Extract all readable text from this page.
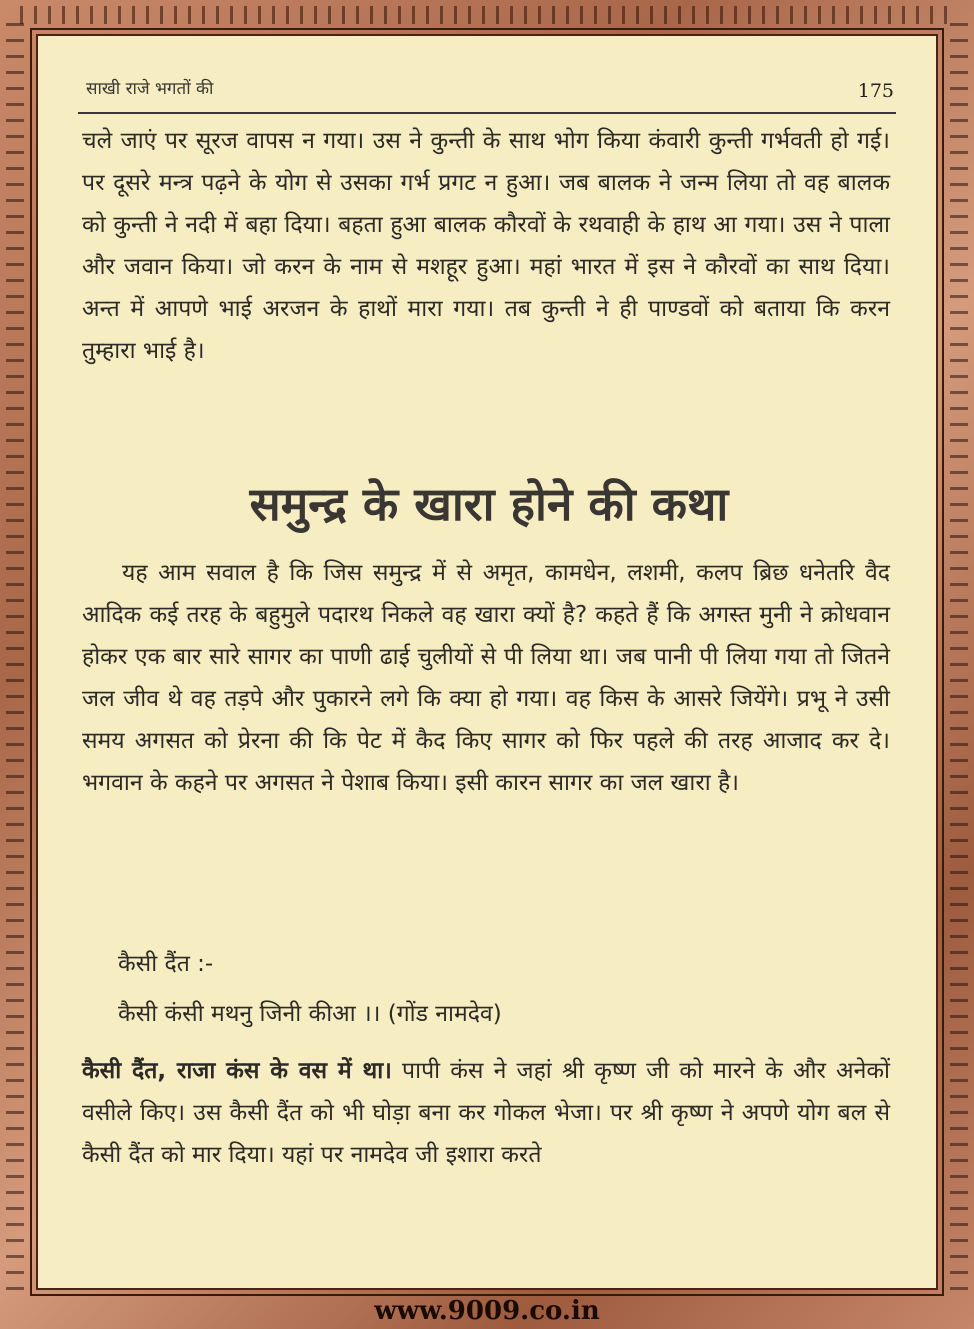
साखी राजे भगतों की	175

चले जाएं पर सूरज वापस न गया। उस ने कुन्ती के साथ भोग किया कंवारी कुन्ती गर्भवती हो गई। पर दूसरे मन्त्र पढ़ने के योग से उसका गर्भ प्रगट न हुआ। जब बालक ने जन्म लिया तो वह बालक को कुन्ती ने नदी में बहा दिया। बहता हुआ बालक कौरवों के रथवाही के हाथ आ गया। उस ने पाला और जवान किया। जो करन के नाम से मशहूर हुआ। महां भारत में इस ने कौरवों का साथ दिया। अन्त में आपणे भाई अरजन के हाथों मारा गया। तब कुन्ती ने ही पाण्डवों को बताया कि करन तुम्हारा भाई है।

समुन्द्र के खारा होने की कथा

यह आम सवाल है कि जिस समुन्द्र में से अमृत, कामधेन, लशमी, कलप ब्रिछ धनेतरि वैद आदिक कई तरह के बहुमुले पदारथ निकले वह खारा क्यों है? कहते हैं कि अगस्त मुनी ने क्रोधवान होकर एक बार सारे सागर का पाणी ढाई चुलीयों से पी लिया था। जब पानी पी लिया गया तो जितने जल जीव थे वह तड़पे और पुकारने लगे कि क्या हो गया। वह किस के आसरे जियेंगे। प्रभू ने उसी समय अगसत को प्रेरना की कि पेट में कैद किए सागर को फिर पहले की तरह आजाद कर दे। भगवान के कहने पर अगसत ने पेशाब किया। इसी कारन सागर का जल खारा है।

कैसी दैंत :-

कैसी कंसी मथनु जिनी कीआ ।। (गोंड नामदेव)

कैसी दैंत, राजा कंस के वस में था। पापी कंस ने जहां श्री कृष्ण जी को मारने के और अनेकों वसीले किए। उस कैसी दैंत को भी घोड़ा बना कर गोकल भेजा। पर श्री कृष्ण ने अपणे योग बल से कैसी दैंत को मार दिया। यहां पर नामदेव जी इशारा करते

www.9009.co.in
